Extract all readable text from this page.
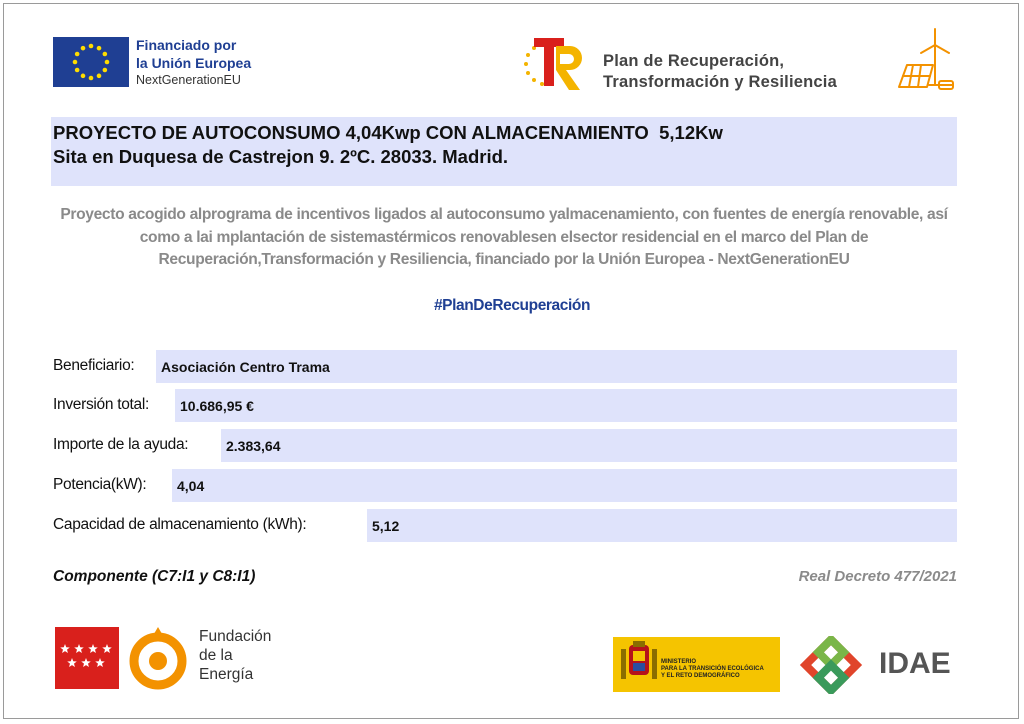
Financiado por
la Unión Europea
NextGenerationEU
Plan de Recuperación,
Transformación y Resiliencia
PROYECTO DE AUTOCONSUMO 4,04Kwp CON ALMACENAMIENTO  5,12Kw
Sita en Duquesa de Castrejon 9. 2ºC. 28033. Madrid.
Proyecto acogido alprograma de incentivos ligados al autoconsumo yalmacenamiento, con fuentes de energía renovable, así como a lai mplantación de sistemastérmicos renovablesen elsector residencial en el marco del Plan de Recuperación,Transformación y Resiliencia, financiado por la Unión Europea - NextGenerationEU
#PlanDeRecuperación
Beneficiario: Asociación Centro Trama
Inversión total: 10.686,95 €
Importe de la ayuda:	2.383,64
Potencia(kW): 4,04
Capacidad de almacenamiento (kWh):	5,12
Componente (C7:I1 y C8:I1)	Real Decreto 477/2021
Fundación
de la
Energía
MINISTERIO
PARA LA TRANSICIÓN ECOLÓGICA
Y EL RETO DEMOGRÁFICO	IDAE
